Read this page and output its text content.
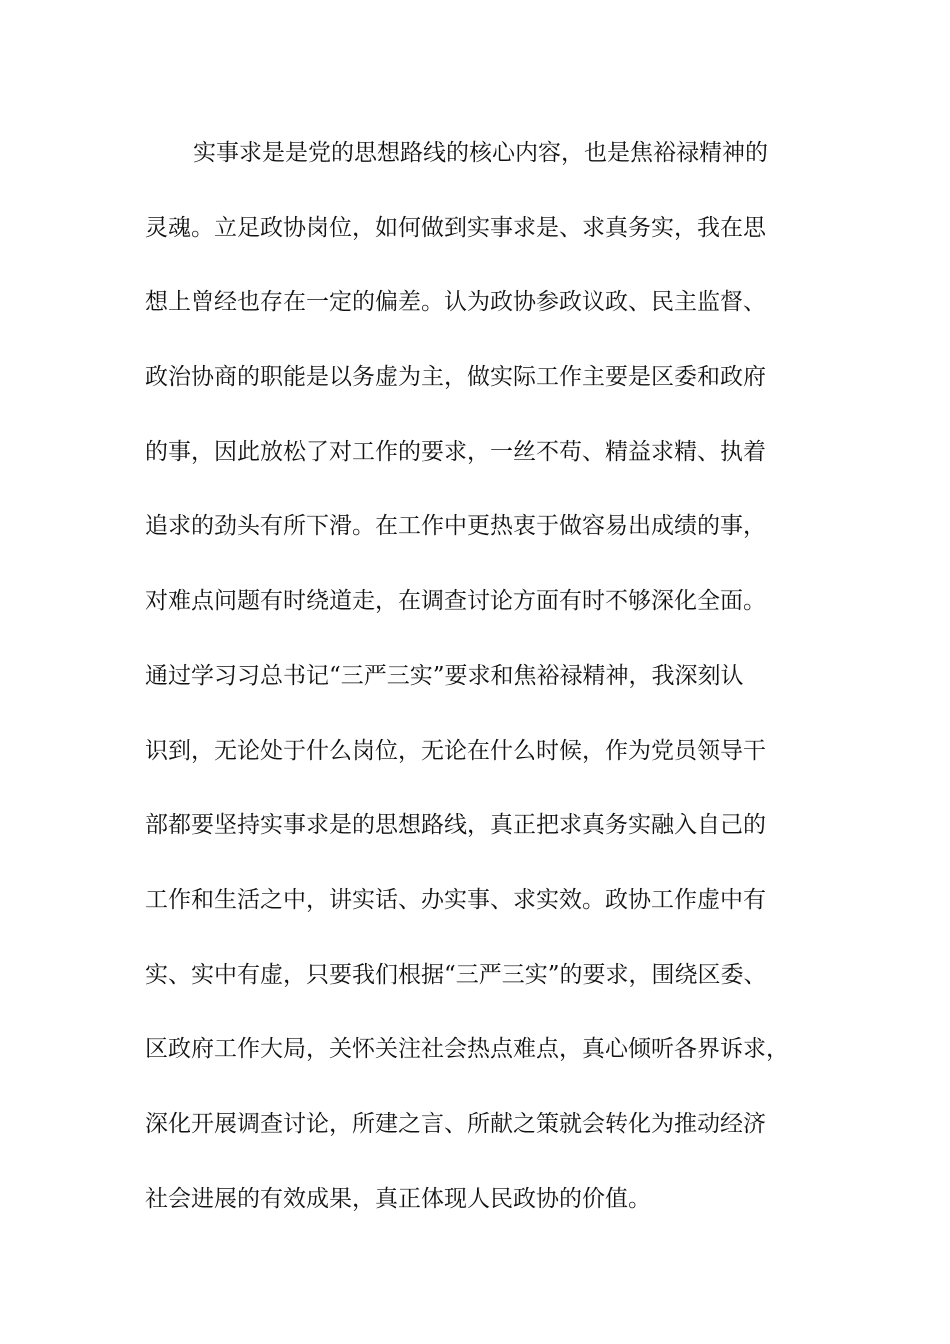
实事求是是党的思想路线的核心内容，也是焦裕禄精神的
灵魂。立足政协岗位，如何做到实事求是、求真务实，我在思
想上曾经也存在一定的偏差。认为政协参政议政、民主监督、
政治协商的职能是以务虚为主，做实际工作主要是区委和政府
的事，因此放松了对工作的要求，一丝不苟、精益求精、执着
追求的劲头有所下滑。在工作中更热衷于做容易出成绩的事，
对难点问题有时绕道走，在调查讨论方面有时不够深化全面。
通过学习习总书记“三严三实”要求和焦裕禄精神，我深刻认
识到，无论处于什么岗位，无论在什么时候，作为党员领导干
部都要坚持实事求是的思想路线，真正把求真务实融入自己的
工作和生活之中，讲实话、办实事、求实效。政协工作虚中有
实、实中有虚，只要我们根据“三严三实”的要求，围绕区委、
区政府工作大局，关怀关注社会热点难点，真心倾听各界诉求，
深化开展调查讨论，所建之言、所献之策就会转化为推动经济
社会进展的有效成果，真正体现人民政协的价值。
